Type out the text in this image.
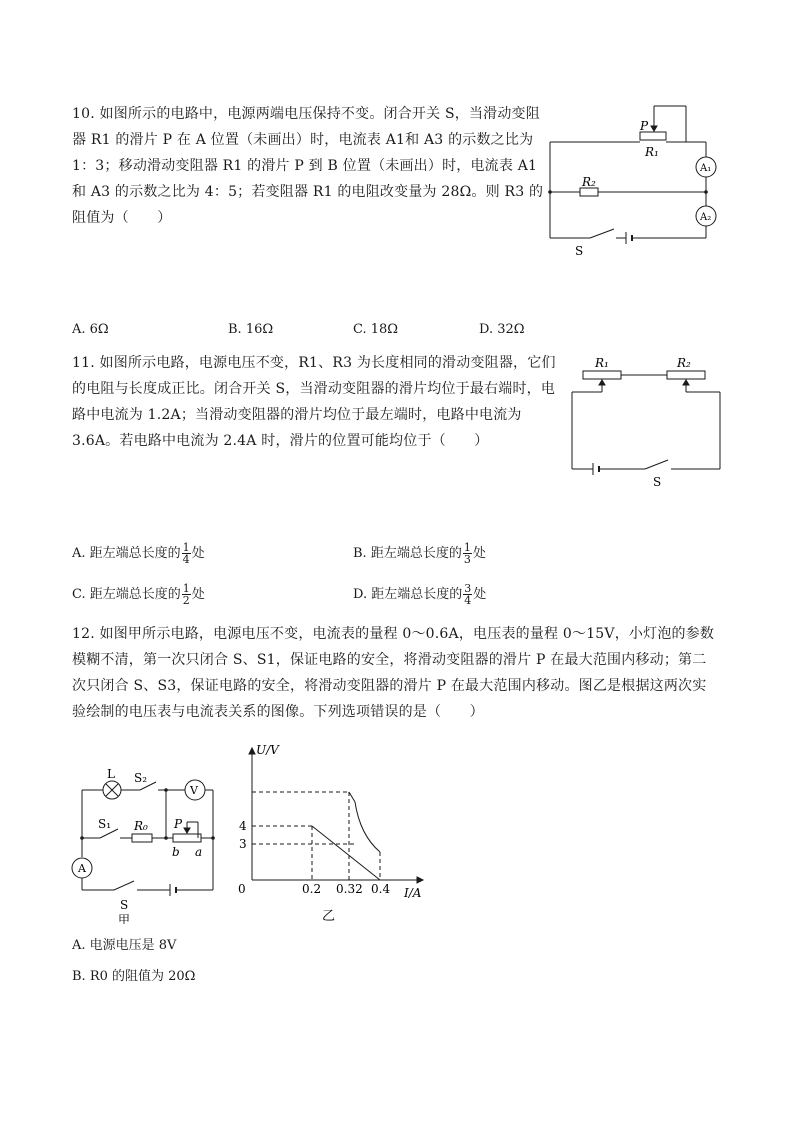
10. 如图所示的电路中，电源两端电压保持不变。闭合开关 S，当滑动变阻器 R1 的滑片 P 在 A 位置（未画出）时，电流表 A1和 A3 的示数之比为 1：3；移动滑动变阻器 R1 的滑片 P 到 B 位置（未画出）时，电流表 A1和 A3 的示数之比为 4：5；若变阻器 R1 的电阻改变量为 28Ω。则 R3 的阻值为（　　）
P
R₁
R₂
A₁
A₂
S
A. 6Ω	B. 16Ω	C. 18Ω	D. 32Ω
11. 如图所示电路，电源电压不变，R1、R3 为长度相同的滑动变阻器，它们的电阻与长度成正比。闭合开关 S，当滑动变阻器的滑片均位于最右端时，电路中电流为 1.2A；当滑动变阻器的滑片均位于最左端时，电路中电流为 3.6A。若电路中电流为 2.4A 时，滑片的位置可能均位于（　　）
R₁	R₂
S
A. 距左端总长度的 $\frac{1}{4}$ 处	B. 距左端总长度的 $\frac{1}{3}$ 处
C. 距左端总长度的 $\frac{1}{2}$ 处	D. 距左端总长度的 $\frac{3}{4}$ 处
12. 如图甲所示电路，电源电压不变，电流表的量程 0～0.6A，电压表的量程 0～15V，小灯泡的参数模糊不清，第一次只闭合 S、S1，保证电路的安全，将滑动变阻器的滑片 P 在最大范围内移动；第二次只闭合 S、S3，保证电路的安全，将滑动变阻器的滑片 P 在最大范围内移动。图乙是根据这两次实验绘制的电压表与电流表关系的图像。下列选项错误的是（　　）
L S₂
V
S₁ R₀ P
b a
A
S
甲
U/V
I/A
0
4
3
0.2 0.32 0.4
乙
A. 电源电压是 8V
B. R0 的阻值为 20Ω
